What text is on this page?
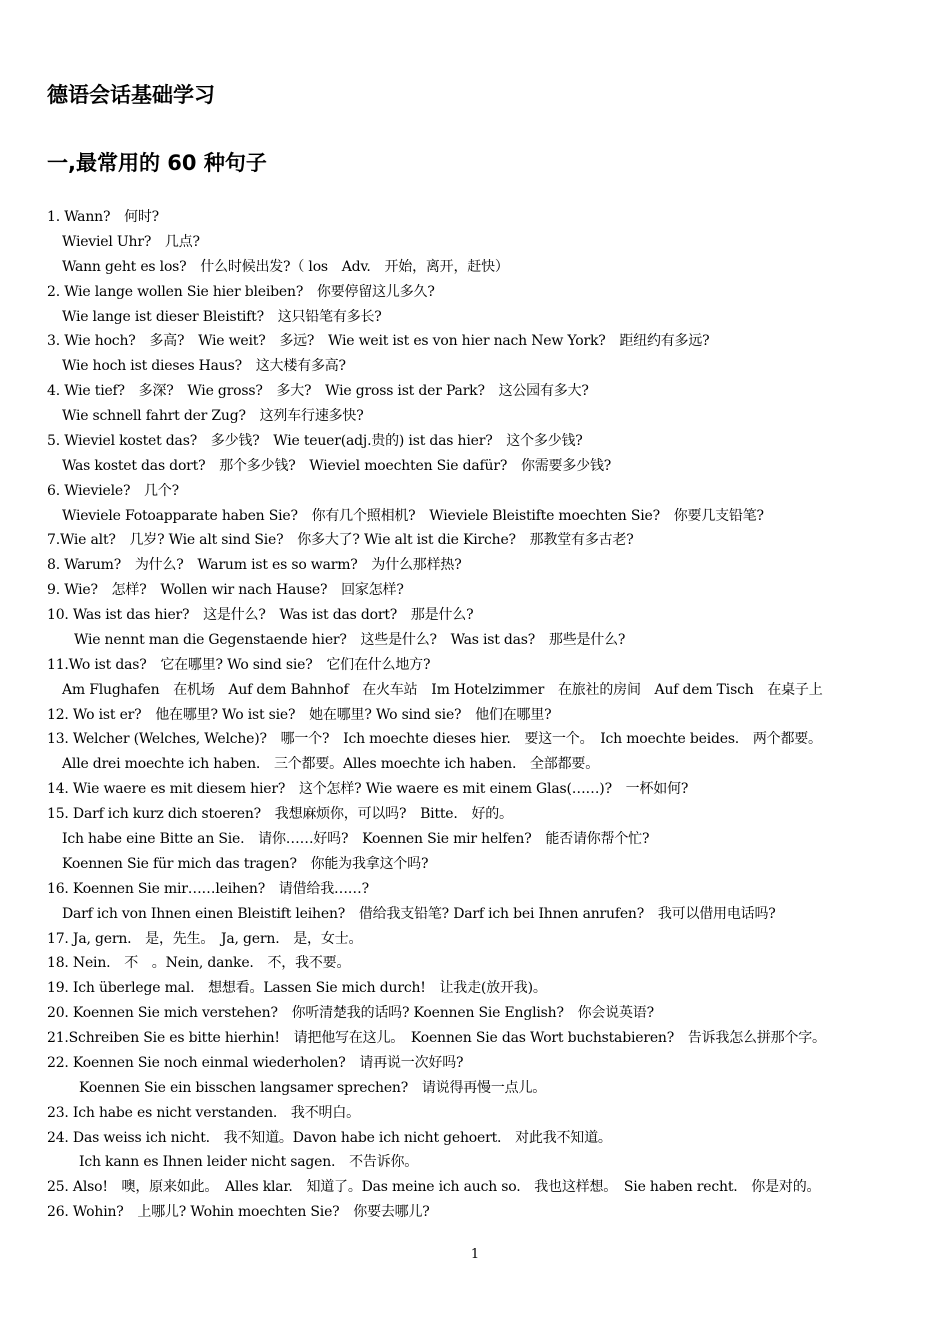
德语会话基础学习
一,最常用的 60 种句子
1. Wann?　何时?
Wieviel Uhr?　几点?
Wann geht es los?　什么时候出发?（ los　Adv.　开始，离开，赶快）
2. Wie lange wollen Sie hier bleiben?　你要停留这儿多久?
Wie lange ist dieser Bleistift?　这只铅笔有多长?
3. Wie hoch?　多高?　Wie weit?　多远?　Wie weit ist es von hier nach New York?　距纽约有多远?
Wie hoch ist dieses Haus?　这大楼有多高?
4. Wie tief?　多深?　Wie gross?　多大?　Wie gross ist der Park?　这公园有多大?
Wie schnell fahrt der Zug?　这列车行速多快?
5. Wieviel kostet das?　多少钱?　Wie teuer(adj.贵的) ist das hier?　这个多少钱?
Was kostet das dort?　那个多少钱?　Wieviel moechten Sie dafür?　你需要多少钱?
6. Wieviele?　几个?
Wieviele Fotoapparate haben Sie?　你有几个照相机?　Wieviele Bleistifte moechten Sie?　你要几支铅笔?
7.Wie alt?　几岁? Wie alt sind Sie?　你多大了? Wie alt ist die Kirche?　那教堂有多古老?
8. Warum?　为什么?　Warum ist es so warm?　为什么那样热?
9. Wie?　怎样?　Wollen wir nach Hause?　回家怎样?
10. Was ist das hier?　这是什么?　Was ist das dort?　那是什么?
Wie nennt man die Gegenstaende hier?　这些是什么?　Was ist das?　那些是什么?
11.Wo ist das?　它在哪里? Wo sind sie?　它们在什么地方?
Am Flughafen　在机场　Auf dem Bahnhof　在火车站　Im Hotelzimmer　在旅社的房间　Auf dem Tisch　在桌子上
12. Wo ist er?　他在哪里? Wo ist sie?　她在哪里? Wo sind sie?　他们在哪里?
13. Welcher (Welches, Welche)?　哪一个?　Ich moechte dieses hier.　要这一个。　Ich moechte beides.　两个都要。
Alle drei moechte ich haben.　三个都要。Alles moechte ich haben.　全部都要。
14. Wie waere es mit diesem hier?　这个怎样? Wie waere es mit einem Glas(……)?　一杯如何?
15. Darf ich kurz dich stoeren?　我想麻烦你，可以吗?　Bitte.　好的。
Ich habe eine Bitte an Sie.　请你……好吗?　Koennen Sie mir helfen?　能否请你帮个忙?
Koennen Sie für mich das tragen?　你能为我拿这个吗?
16. Koennen Sie mir……leihen?　请借给我……?
Darf ich von Ihnen einen Bleistift leihen?　借给我支铅笔? Darf ich bei Ihnen anrufen?　我可以借用电话吗?
17. Ja, gern.　是，先生。　Ja, gern.　是，女士。
18. Nein.　不　。Nein, danke.　不，我不要。
19. Ich überlege mal.　想想看。Lassen Sie mich durch!　让我走(放开我)。
20. Koennen Sie mich verstehen?　你听清楚我的话吗? Koennen Sie English?　你会说英语?
21.Schreiben Sie es bitte hierhin!　请把他写在这儿。　Koennen Sie das Wort buchstabieren?　告诉我怎么拼那个字。
22. Koennen Sie noch einmal wiederholen?　请再说一次好吗?
Koennen Sie ein bisschen langsamer sprechen?　请说得再慢一点儿。
23. Ich habe es nicht verstanden.　我不明白。
24. Das weiss ich nicht.　我不知道。Davon habe ich nicht gehoert.　对此我不知道。
Ich kann es Ihnen leider nicht sagen.　不告诉你。
25. Also!　噢，原来如此。　Alles klar.　知道了。Das meine ich auch so.　我也这样想。　Sie haben recht.　你是对的。
26. Wohin?　上哪儿? Wohin moechten Sie?　你要去哪儿?
1
